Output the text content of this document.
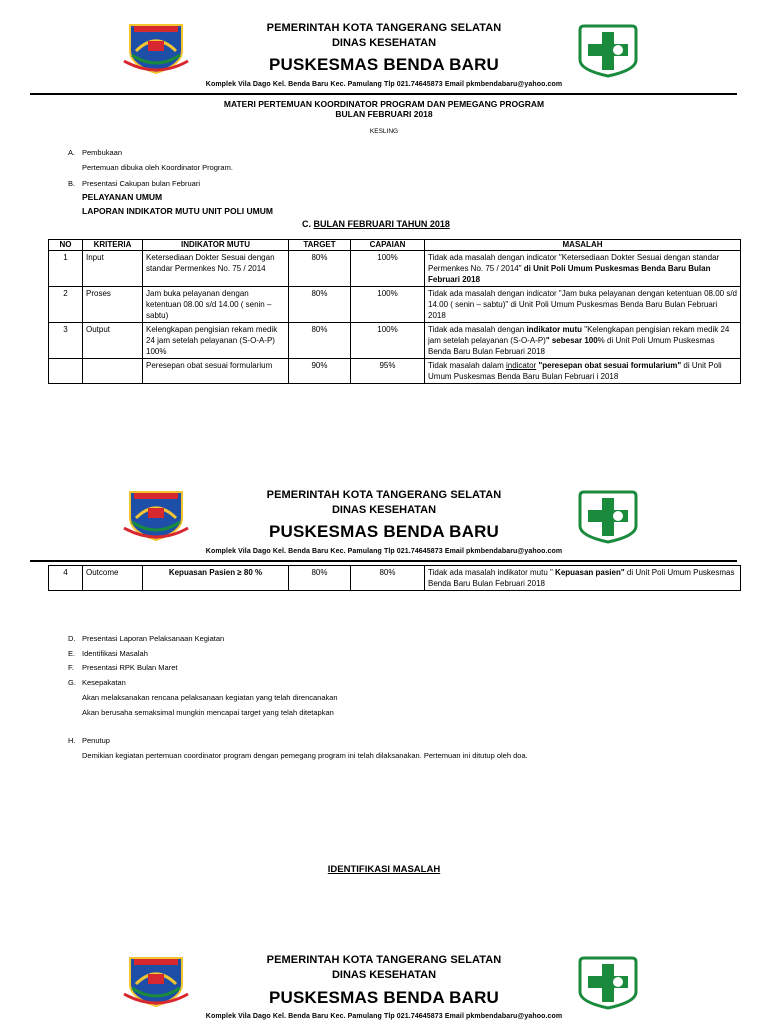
PEMERINTAH KOTA TANGERANG SELATAN
DINAS KESEHATAN
PUSKESMAS BENDA BARU
Komplek Vila Dago Kel. Benda Baru Kec. Pamulang Tlp 021.74645873 Email pkmbendabaru@yahoo.com
MATERI PERTEMUAN KOORDINATOR PROGRAM DAN PEMEGANG PROGRAM
BULAN FEBRUARI 2018
KESLING
A. Pembukaan
Pertemuan dibuka oleh Koordinator Program.
B. Presentasi Cakupan bulan Februari
PELAYANAN UMUM
LAPORAN INDIKATOR MUTU UNIT POLI UMUM
C. BULAN FEBRUARI TAHUN 2018
NO	KRITERIA	INDIKATOR MUTU	TARGET	CAPAIAN	MASALAH
1	Input	Ketersediaan Dokter Sesuai dengan standar Permenkes No. 75 / 2014	80%	100%	Tidak ada masalah dengan indicator "Ketersediaan Dokter Sesuai dengan standar Permenkes No. 75 / 2014" di Unit Poli Umum Puskesmas Benda Baru Bulan Februari 2018
2	Proses	Jam buka pelayanan dengan ketentuan 08.00 s/d 14.00 ( senin – sabtu)	80%	100%	Tidak ada masalah dengan indicator "Jam buka pelayanan dengan ketentuan 08.00 s/d 14.00 ( senin – sabtu)" di Unit Poli Umum Puskesmas Benda Baru Bulan Februari 2018
3	Output	Kelengkapan pengisian rekam medik 24 jam setelah pelayanan (S-O-A-P) 100%	80%	100%	Tidak ada masalah dengan indikator mutu "Kelengkapan pengisian rekam medik 24 jam setelah pelayanan (S-O-A-P)" sebesar 100% di Unit Poli Umum Puskesmas Benda Baru Bulan Februari 2018
		Peresepan obat sesuai formularium	90%	95%	Tidak masalah dalam indicator "peresepan obat sesuai formularium" di Unit Poli Umum Puskesmas Benda Baru Bulan Februari i 2018
PEMERINTAH KOTA TANGERANG SELATAN
DINAS KESEHATAN
PUSKESMAS BENDA BARU
Komplek Vila Dago Kel. Benda Baru Kec. Pamulang Tlp 021.74645873 Email pkmbendabaru@yahoo.com
4	Outcome	Kepuasan Pasien ≥ 80 %	80%	80%	Tidak ada masalah indikator mutu " Kepuasan pasien" di Unit Poli Umum Puskesmas Benda Baru Bulan Februari 2018
D. Presentasi Laporan Pelaksanaan Kegiatan
E. Identifikasi Masalah
F. Presentasi RPK Bulan Maret
G. Kesepakatan
Akan melaksanakan rencana pelaksanaan kegiatan yang telah direncanakan
Akan berusaha semaksimal mungkin mencapai target yang telah ditetapkan
H. Penutup
Demikian kegiatan pertemuan coordinator program dengan pemegang program ini telah dilaksanakan. Pertemuan ini ditutup oleh doa.
IDENTIFIKASI MASALAH
PEMERINTAH KOTA TANGERANG SELATAN
DINAS KESEHATAN
PUSKESMAS BENDA BARU
Komplek Vila Dago Kel. Benda Baru Kec. Pamulang Tlp 021.74645873 Email pkmbendabaru@yahoo.com
